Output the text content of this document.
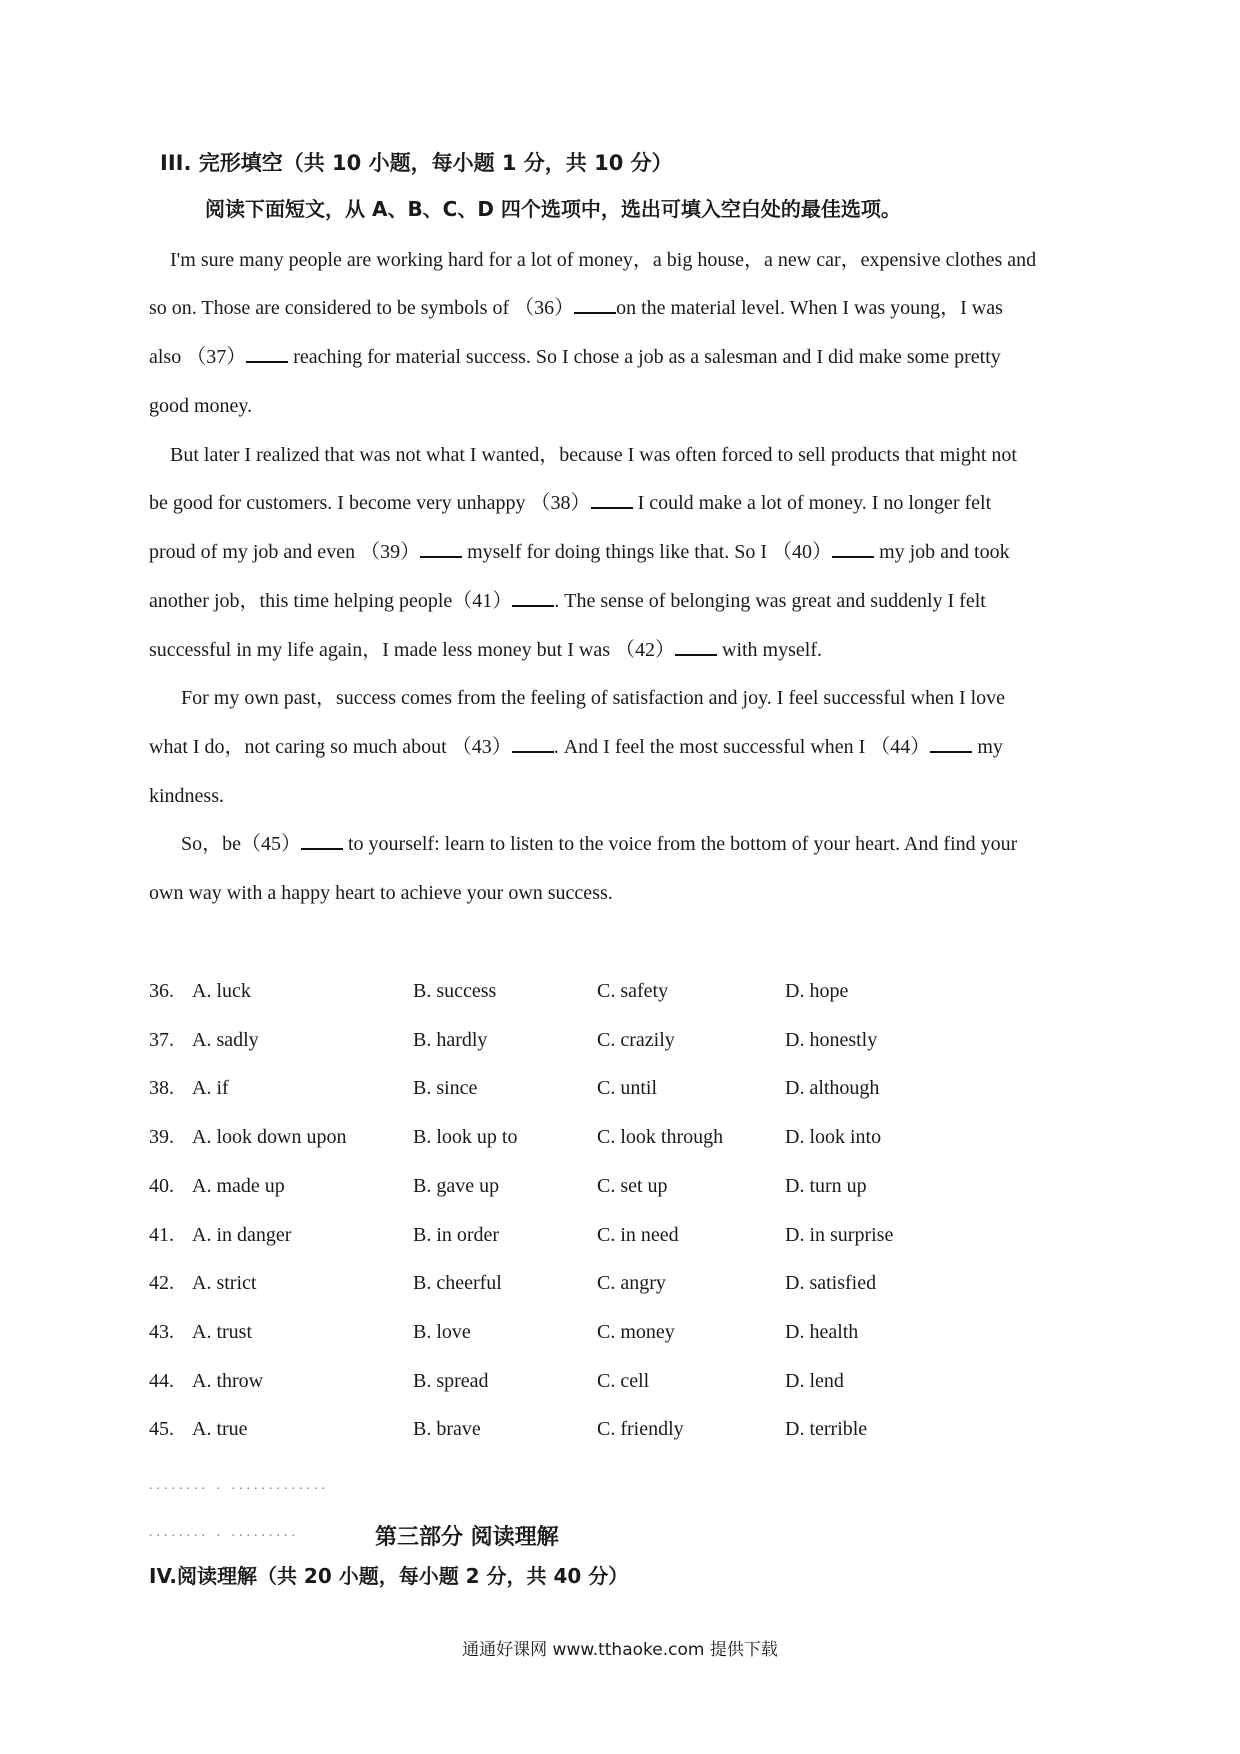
III. 完形填空（共 10 小题，每小题 1 分，共 10 分）
阅读下面短文，从 A、B、C、D 四个选项中，选出可填入空白处的最佳选项。
I'm sure many people are working hard for a lot of money，a big house，a new car，expensive clothes and
so on. Those are considered to be symbols of （36） on the material level. When I was young，I was
also （37） reaching for material success. So I chose a job as a salesman and I did make some pretty
good money.
But later I realized that was not what I wanted，because I was often forced to sell products that might not
be good for customers. I become very unhappy （38） I could make a lot of money. I no longer felt
proud of my job and even （39） myself for doing things like that. So I （40） my job and took
another job，this time helping people（41） . The sense of belonging was great and suddenly I felt
successful in my life again，I made less money but I was （42） with myself.
For my own past，success comes from the feeling of satisfaction and joy. I feel successful when I love
what I do，not caring so much about （43） . And I feel the most successful when I （44） my
kindness.
So，be（45） to yourself: learn to listen to the voice from the bottom of your heart. And find your
own way with a happy heart to achieve your own success.
36. A. luck	B. success	C. safety	D. hope
37. A. sadly	B. hardly	C. crazily	D. honestly
38. A. if	B. since	C. until	D. although
39. A. look down upon	B. look up to	C. look through	D. look into
40. A. made up	B. gave up	C. set up	D. turn up
41. A. in danger	B. in order	C. in need	D. in surprise
42. A. strict	B. cheerful	C. angry	D. satisfied
43. A. trust	B. love	C. money	D. health
44. A. throw	B. spread	C. cell	D. lend
45. A. true	B. brave	C. friendly	D. terrible
........ . .............
........ . .........	第三部分 阅读理解
IV.阅读理解（共 20 小题，每小题 2 分，共 40 分）
通通好课网 www.tthaoke.com 提供下载
